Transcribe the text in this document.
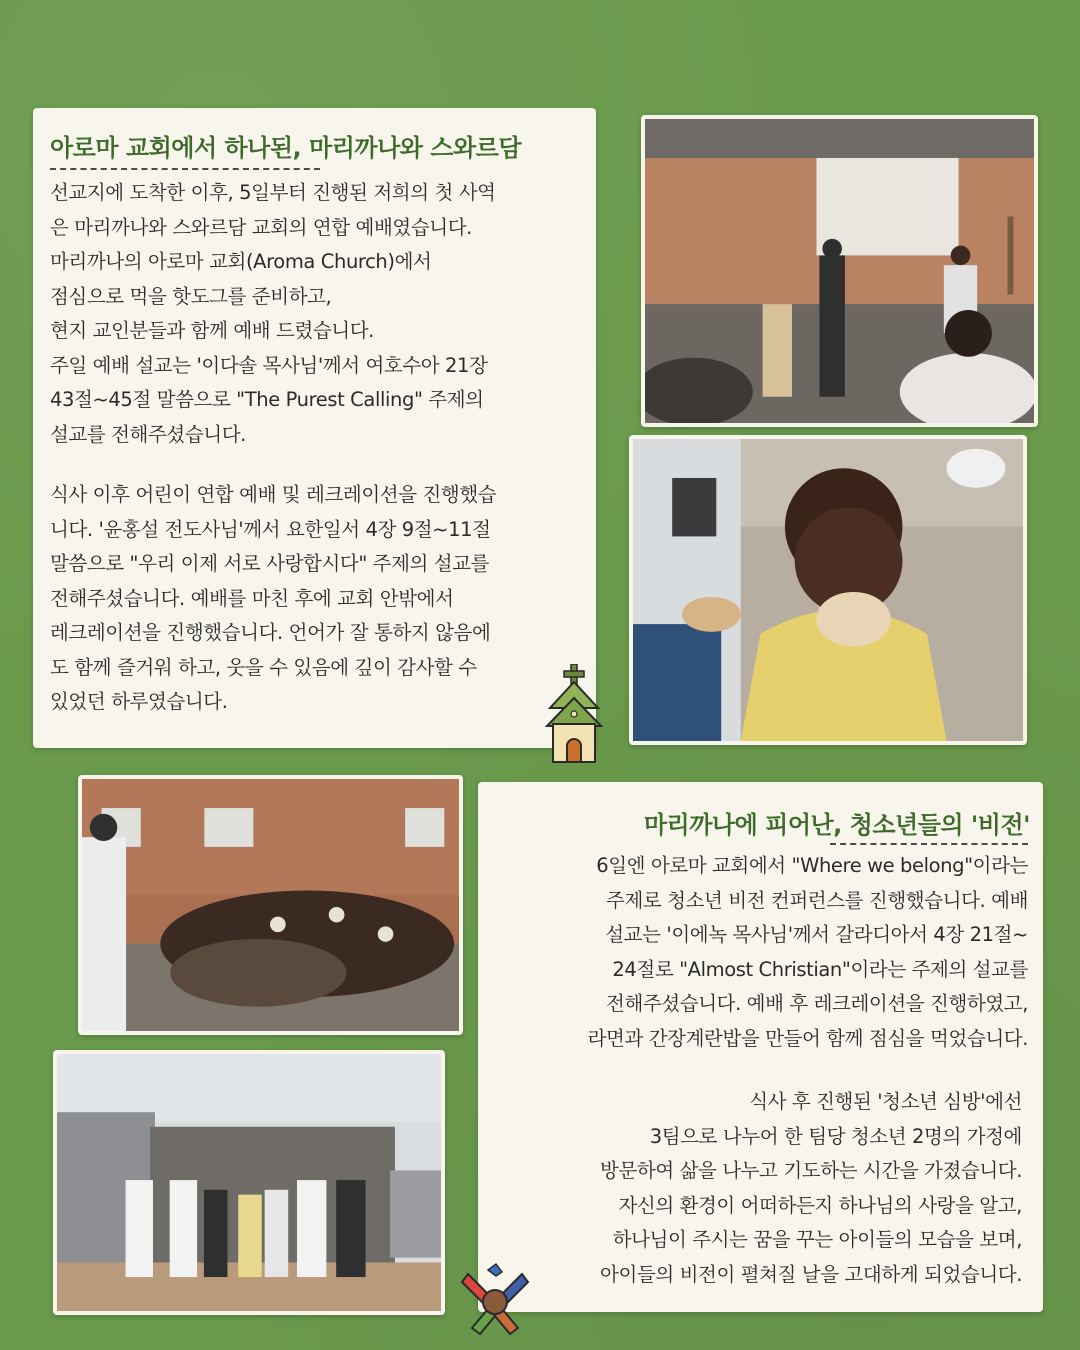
아로마 교회에서 하나된, 마리까나와 스와르담
선교지에 도착한 이후, 5일부터 진행된 저희의 첫 사역
은 마리까나와 스와르담 교회의 연합 예배였습니다.
마리까나의 아로마 교회(Aroma Church)에서
점심으로 먹을 핫도그를 준비하고,
현지 교인분들과 함께 예배 드렸습니다.
주일 예배 설교는 '이다솔 목사님'께서 여호수아 21장
43절~45절 말씀으로 "The Purest Calling" 주제의
설교를 전해주셨습니다.
식사 이후 어린이 연합 예배 및 레크레이션을 진행했습
니다. '윤홍설 전도사님'께서 요한일서 4장 9절~11절
말씀으로 "우리 이제 서로 사랑합시다" 주제의 설교를
전해주셨습니다. 예배를 마친 후에 교회 안밖에서
레크레이션을 진행했습니다. 언어가 잘 통하지 않음에
도 함께 즐거워 하고, 웃을 수 있음에 깊이 감사할 수
있었던 하루였습니다.
마리까나에 피어난, 청소년들의 '비전'
6일엔 아로마 교회에서 "Where we belong"이라는
주제로 청소년 비전 컨퍼런스를 진행했습니다. 예배
설교는 '이에녹 목사님'께서 갈라디아서 4장 21절~
24절로 "Almost Christian"이라는 주제의 설교를
전해주셨습니다. 예배 후 레크레이션을 진행하였고,
라면과 간장계란밥을 만들어 함께 점심을 먹었습니다.
식사 후 진행된 '청소년 심방'에선
3팀으로 나누어 한 팀당 청소년 2명의 가정에
방문하여 삶을 나누고 기도하는 시간을 가졌습니다.
자신의 환경이 어떠하든지 하나님의 사랑을 알고,
하나님이 주시는 꿈을 꾸는 아이들의 모습을 보며,
아이들의 비전이 펼쳐질 날을 고대하게 되었습니다.
